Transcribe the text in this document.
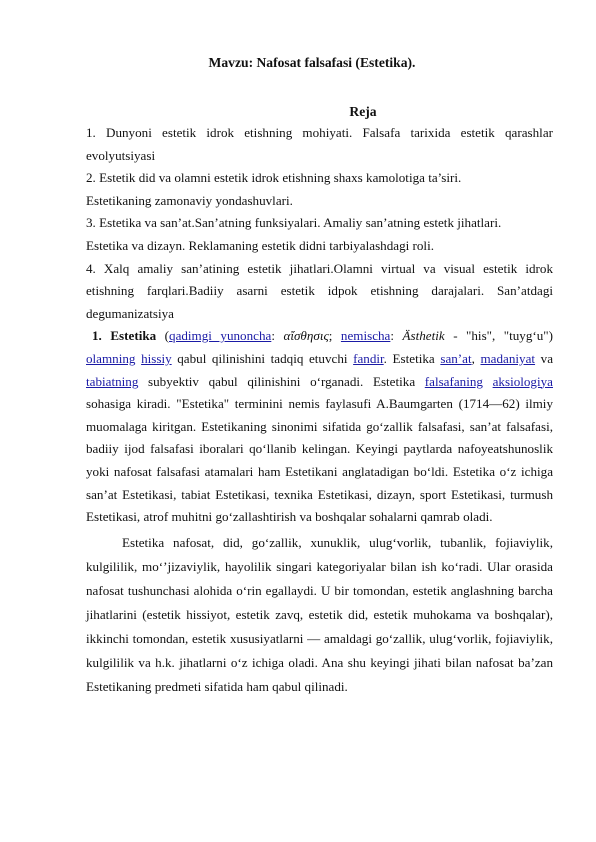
Mavzu: Nafosat falsafasi (Estetika).
Reja

1. Dunyoni estetik idrok etishning mohiyati. Falsafa tarixida estetik qarashlar evolyutsiyasi

2. Estetik did va olamni estetik idrok etishning shaxs kamolotiga ta’siri.

Estetikaning zamonaviy yondashuvlari.

3. Estetika va san’at.San’atning funksiyalari. Amaliy san’atning estetk jihatlari.

Estetika va dizayn. Reklamaning estetik didni tarbiyalashdagi roli.

4. Xalq amaliy san’atining estetik jihatlari.Olamni virtual va visual estetik idrok etishning farqlari.Badiiy asarni estetik idpok etishning darajalari. San’atdagi degumanizatsiya

1. Estetika (qadimgi yunoncha: αἴσθησις; nemischa: Ästhetik - "his", "tuyg‘u") olamning hissiy qabul qilinishini tadqiq etuvchi fandir. Estetika san’at, madaniyat va tabiatning subyektiv qabul qilinishini o‘rganadi. Estetika falsafaning aksiologiya sohasiga kiradi. "Estetika" terminini nemis faylasufi A.Baumgarten (1714—62) ilmiy muomalaga kiritgan. Estetikaning sinonimi sifatida go‘zallik falsafasi, san’at falsafasi, badiiy ijod falsafasi iboralari qo‘llanib kelingan. Keyingi paytlarda nafoyeatshunoslik yoki nafosat falsafasi atamalari ham Estetikani anglatadigan bo‘ldi. Estetika o‘z ichiga san’at Estetikasi, tabiat Estetikasi, texnika Estetikasi, dizayn, sport Estetikasi, turmush Estetikasi, atrof muhitni go‘zallashtirish va boshqalar sohalarni qamrab oladi.

Estetika nafosat, did, go‘zallik, xunuklik, ulug‘vorlik, tubanlik, fojiaviylik, kulgililik, mo‘’jizaviylik, hayolilik singari kategoriyalar bilan ish ko‘radi. Ular orasida nafosat tushunchasi alohida o‘rin egallaydi. U bir tomondan, estetik anglashning barcha jihatlarini (estetik hissiyot, estetik zavq, estetik did, estetik muhokama va boshqalar), ikkinchi tomondan, estetik xususiyatlarni — amaldagi go‘zallik, ulug‘vorlik, fojiaviylik, kulgililik va h.k. jihatlarni o‘z ichiga oladi. Ana shu keyingi jihati bilan nafosat ba’zan Estetikaning predmeti sifatida ham qabul qilinadi.
